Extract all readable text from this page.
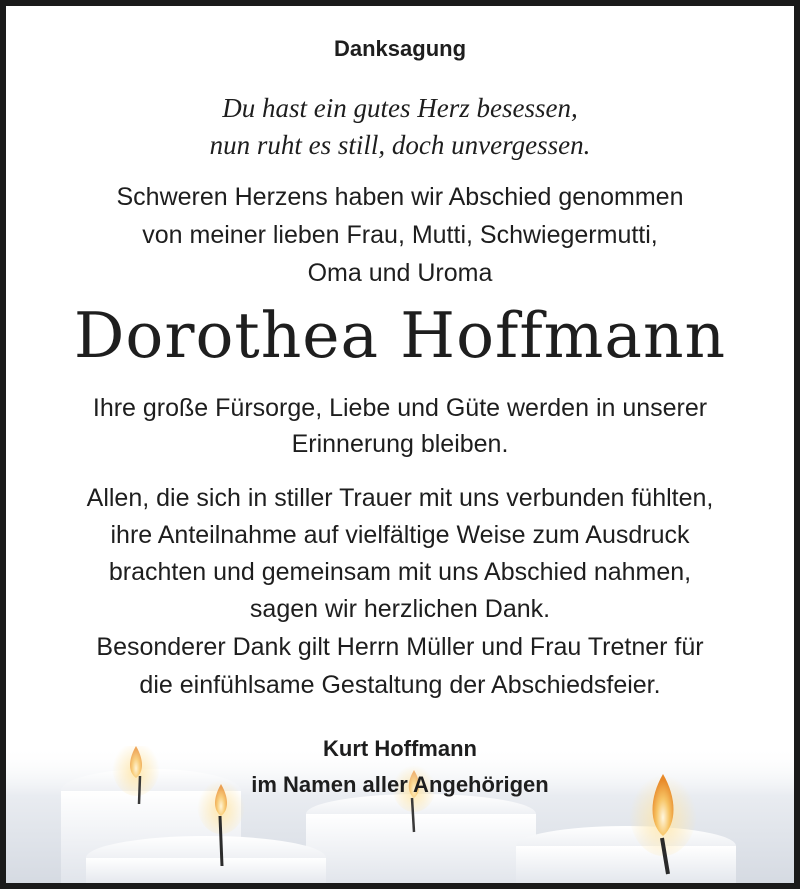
Danksagung
Du hast ein gutes Herz besessen,
nun ruht es still, doch unvergessen.
Schweren Herzens haben wir Abschied genommen
von meiner lieben Frau, Mutti, Schwiegermutti,
Oma und Uroma
Dorothea Hoffmann
Ihre große Fürsorge, Liebe und Güte werden in unserer
Erinnerung bleiben.
Allen, die sich in stiller Trauer mit uns verbunden fühlten,
ihre Anteilnahme auf vielfältige Weise zum Ausdruck
brachten und gemeinsam mit uns Abschied nahmen,
sagen wir herzlichen Dank.
Besonderer Dank gilt Herrn Müller und Frau Tretner für
die einfühlsame Gestaltung der Abschiedsfeier.
Kurt Hoffmann
im Namen aller Angehörigen
